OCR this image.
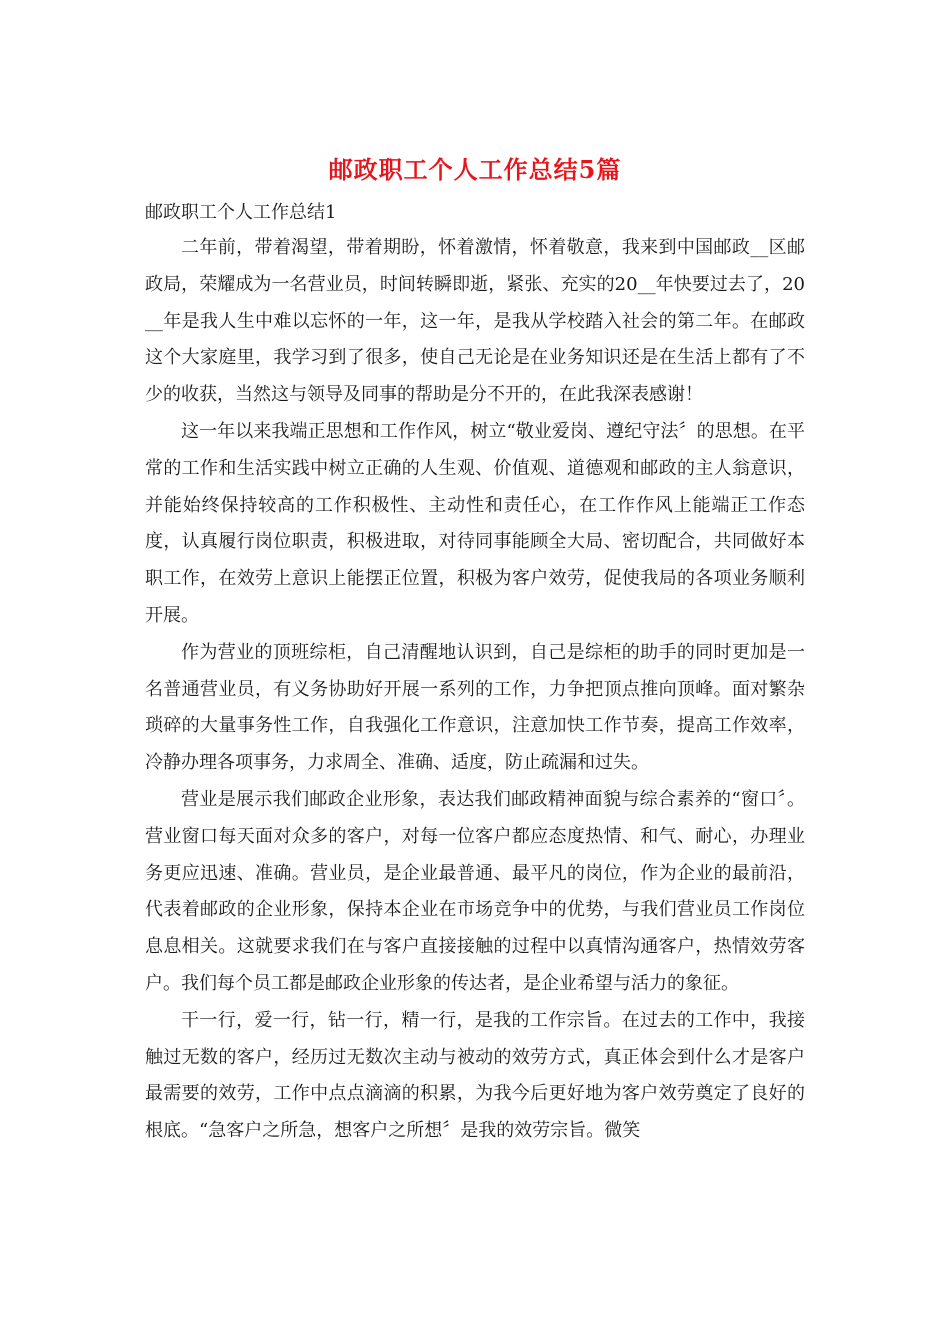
邮政职工个人工作总结5篇

邮政职工个人工作总结1

二年前，带着渴望，带着期盼，怀着激情，怀着敬意，我来到中国邮政__区邮政局，荣耀成为一名营业员，时间转瞬即逝，紧张、充实的20__年快要过去了，20__年是我人生中难以忘怀的一年，这一年，是我从学校踏入社会的第二年。在邮政这个大家庭里，我学习到了很多，使自己无论是在业务知识还是在生活上都有了不少的收获，当然这与领导及同事的帮助是分不开的，在此我深表感谢！

这一年以来我端正思想和工作作风，树立“敬业爱岗、遵纪守法〞的思想。在平常的工作和生活实践中树立正确的人生观、价值观、道德观和邮政的主人翁意识，并能始终保持较高的工作积极性、主动性和责任心，在工作作风上能端正工作态度，认真履行岗位职责，积极进取，对待同事能顾全大局、密切配合，共同做好本职工作，在效劳上意识上能摆正位置，积极为客户效劳，促使我局的各项业务顺利开展。

作为营业的顶班综柜，自己清醒地认识到，自己是综柜的助手的同时更加是一名普通营业员，有义务协助好开展一系列的工作，力争把顶点推向顶峰。面对繁杂琐碎的大量事务性工作，自我强化工作意识，注意加快工作节奏，提高工作效率，冷静办理各项事务，力求周全、准确、适度，防止疏漏和过失。

营业是展示我们邮政企业形象，表达我们邮政精神面貌与综合素养的“窗口〞。营业窗口每天面对众多的客户，对每一位客户都应态度热情、和气、耐心，办理业务更应迅速、准确。营业员，是企业最普通、最平凡的岗位，作为企业的最前沿，代表着邮政的企业形象，保持本企业在市场竞争中的优势，与我们营业员工作岗位息息相关。这就要求我们在与客户直接接触的过程中以真情沟通客户，热情效劳客户。我们每个员工都是邮政企业形象的传达者，是企业希望与活力的象征。

干一行，爱一行，钻一行，精一行，是我的工作宗旨。在过去的工作中，我接触过无数的客户，经历过无数次主动与被动的效劳方式，真正体会到什么才是客户最需要的效劳，工作中点点滴滴的积累，为我今后更好地为客户效劳奠定了良好的根底。“急客户之所急，想客户之所想〞是我的效劳宗旨。微笑
